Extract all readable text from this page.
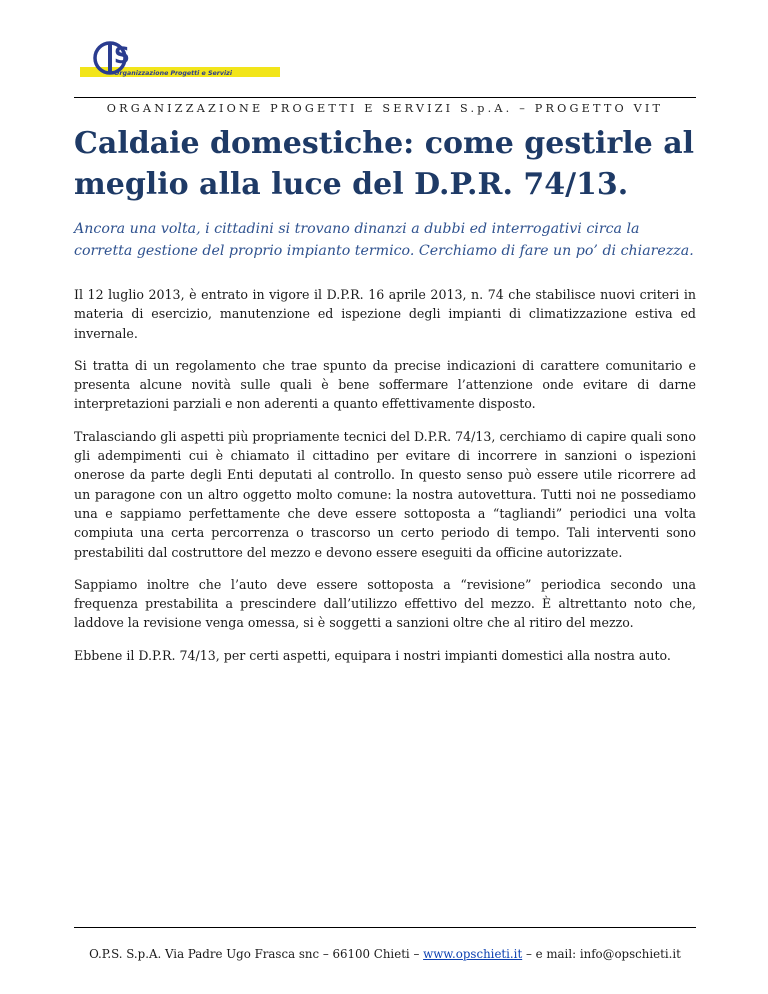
S
Organizzazione Progetti e Servizi
ORGANIZZAZIONE PROGETTI E SERVIZI S.p.A. – PROGETTO VIT
Caldaie domestiche: come gestirle al meglio alla luce del D.P.R. 74/13.

Ancora una volta, i cittadini si trovano dinanzi a dubbi ed interrogativi circa la corretta gestione del proprio impianto termico. Cerchiamo di fare un po’ di chiarezza.

Il 12 luglio 2013, è entrato in vigore il D.P.R. 16 aprile 2013, n. 74 che stabilisce nuovi criteri in materia di esercizio, manutenzione ed ispezione degli impianti di climatizzazione estiva ed invernale.

Si tratta di un regolamento che trae spunto da precise indicazioni di carattere comunitario e presenta alcune novità sulle quali è bene soffermare l’attenzione onde evitare di darne interpretazioni parziali e non aderenti a quanto effettivamente disposto.

Tralasciando gli aspetti più propriamente tecnici del D.P.R. 74/13, cerchiamo di capire quali sono gli adempimenti cui è chiamato il cittadino per evitare di incorrere in sanzioni o ispezioni onerose da parte degli Enti deputati al controllo. In questo senso può essere utile ricorrere ad un paragone con un altro oggetto molto comune: la nostra autovettura. Tutti noi ne possediamo una e sappiamo perfettamente che deve essere sottoposta a “tagliandi” periodici una volta compiuta una certa percorrenza o trascorso un certo periodo di tempo. Tali interventi sono prestabiliti dal costruttore del mezzo e devono essere eseguiti da officine autorizzate.

Sappiamo inoltre che l’auto deve essere sottoposta a “revisione” periodica secondo una frequenza prestabilita a prescindere dall’utilizzo effettivo del mezzo. È altrettanto noto che, laddove la revisione venga omessa, si è soggetti a sanzioni oltre che al ritiro del mezzo.

Ebbene il D.P.R. 74/13, per certi aspetti, equipara i nostri impianti domestici alla nostra auto.

O.P.S. S.p.A. Via Padre Ugo Frasca snc – 66100 Chieti – www.opschieti.it – e mail: info@opschieti.it
